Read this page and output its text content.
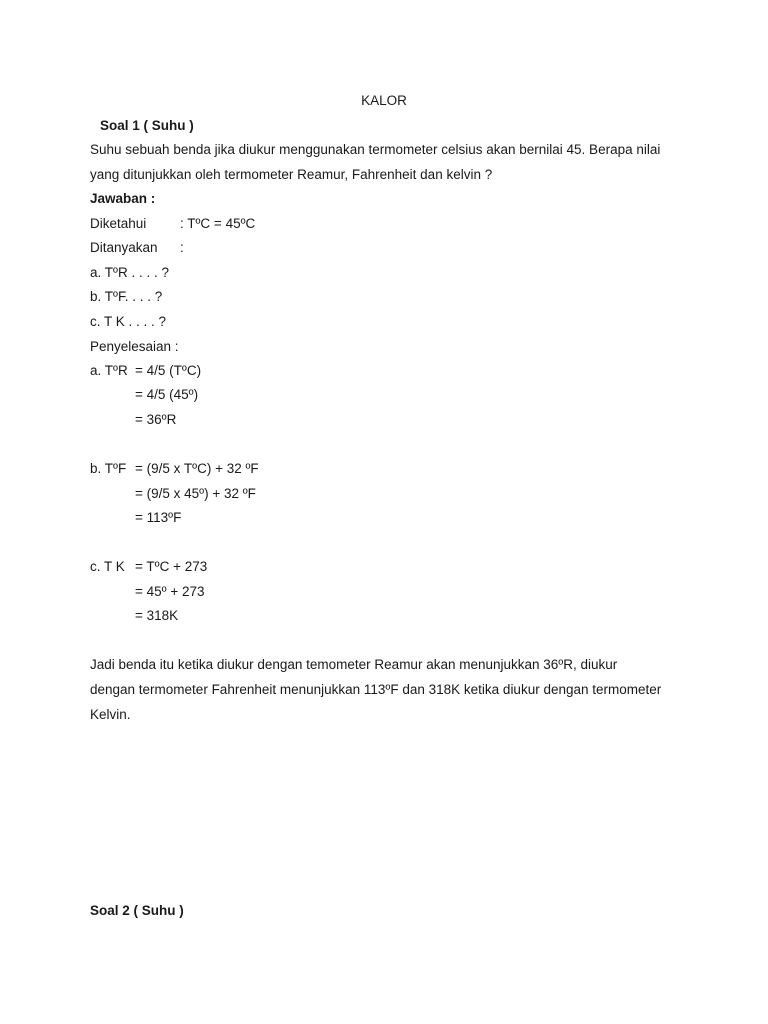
KALOR
Soal 1 ( Suhu )
Suhu sebuah benda jika diukur menggunakan termometer celsius akan bernilai 45. Berapa nilai
yang ditunjukkan oleh termometer Reamur, Fahrenheit dan kelvin ?
Jawaban :
Diketahui	: TºC = 45ºC
Ditanyakan	:
a. TºR . . . . ?
b. TºF. . . . ?
c. T K . . . . ?
Penyelesaian :
a. TºR = 4/5 (TºC)
= 4/5 (45º)
= 36ºR
b. TºF = (9/5 x TºC) + 32 ºF
= (9/5 x 45º) + 32 ºF
= 113ºF
c. T K = TºC + 273
= 45º + 273
= 318K
Jadi benda itu ketika diukur dengan temometer Reamur akan menunjukkan 36ºR, diukur
dengan termometer Fahrenheit menunjukkan 113ºF dan 318K ketika diukur dengan termometer
Kelvin.
Soal 2 ( Suhu )
